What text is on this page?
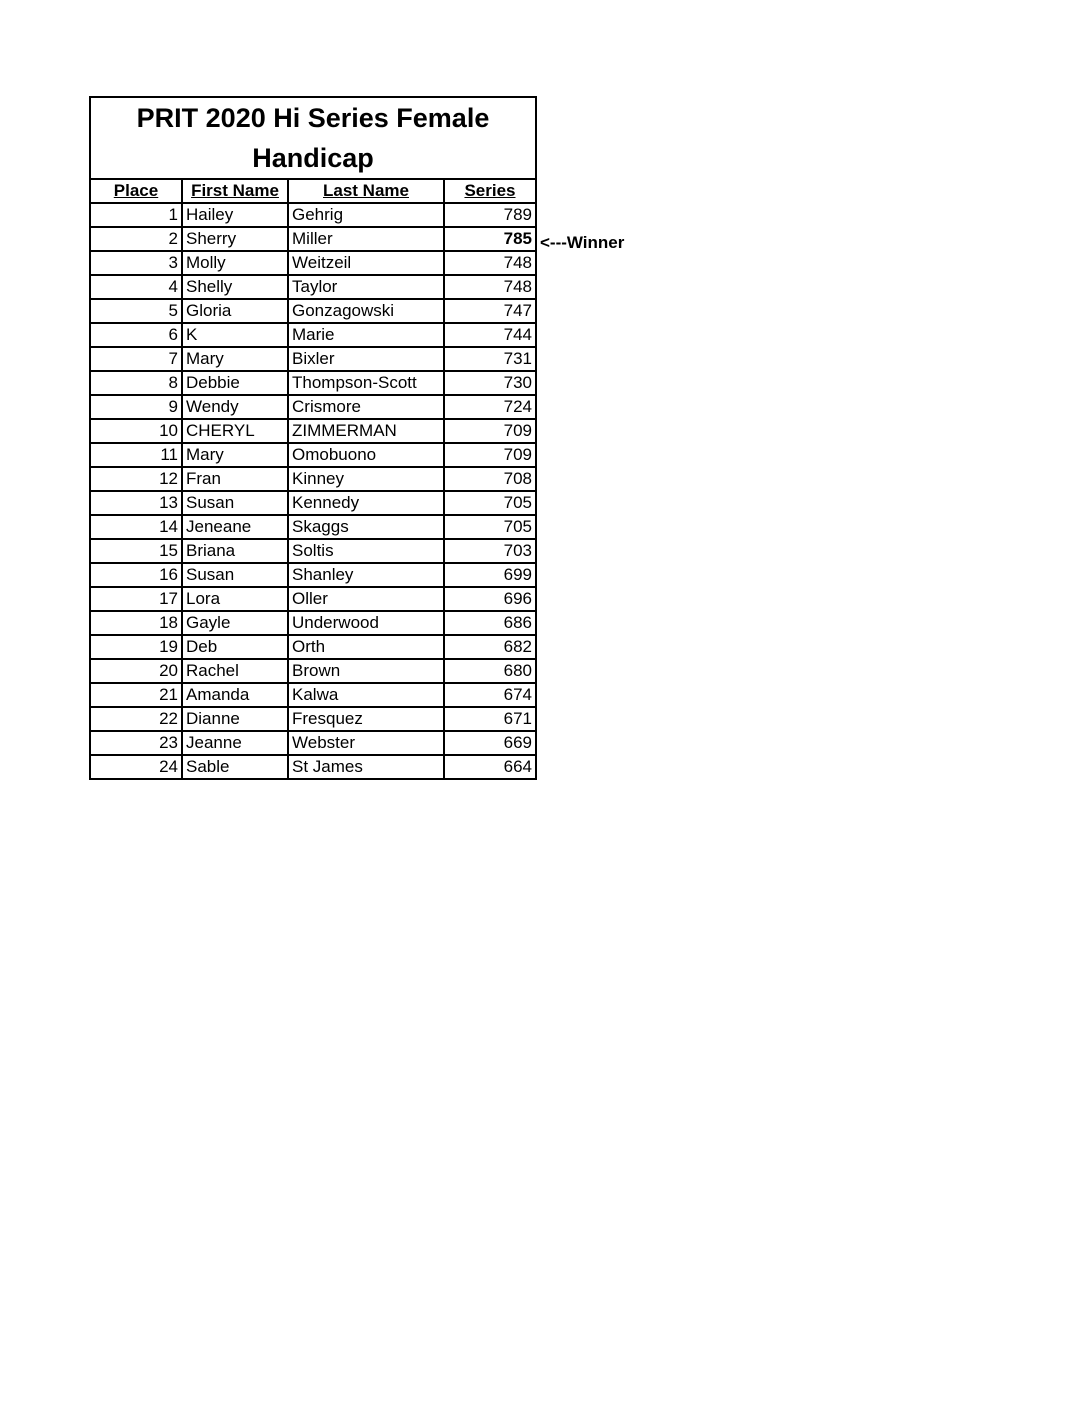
PRIT 2020 Hi Series Female
Handicap			
Place	First Name	Last Name	Series
1	Hailey	Gehrig	789
2	Sherry	Miller	785
3	Molly	Weitzeil	748
4	Shelly	Taylor	748
5	Gloria	Gonzagowski	747
6	K	Marie	744
7	Mary	Bixler	731
8	Debbie	Thompson-Scott	730
9	Wendy	Crismore	724
10	CHERYL	ZIMMERMAN	709
11	Mary	Omobuono	709
12	Fran	Kinney	708
13	Susan	Kennedy	705
14	Jeneane	Skaggs	705
15	Briana	Soltis	703
16	Susan	Shanley	699
17	Lora	Oller	696
18	Gayle	Underwood	686
19	Deb	Orth	682
20	Rachel	Brown	680
21	Amanda	Kalwa	674
22	Dianne	Fresquez	671
23	Jeanne	Webster	669
24	Sable	St James	664
<---Winner
